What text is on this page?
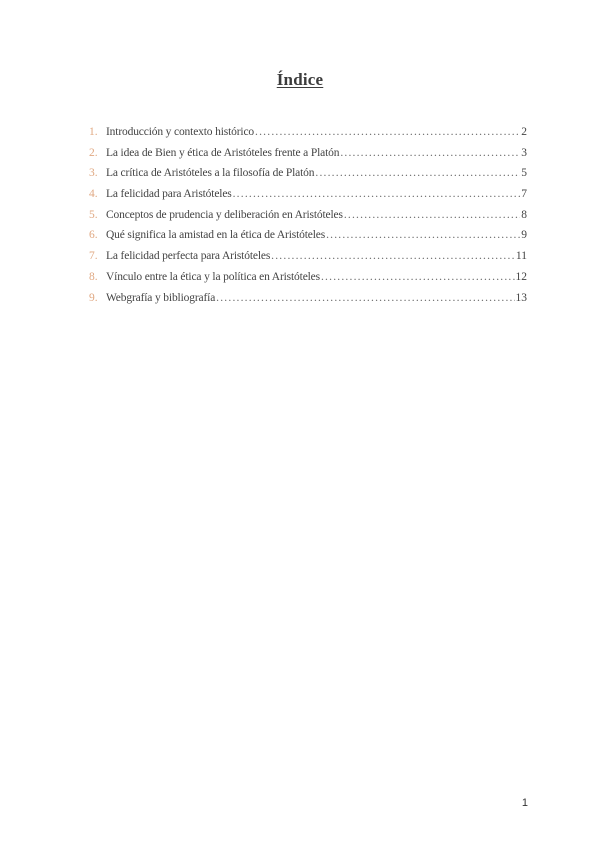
Índice
1. Introducción y contexto histórico .....	2
2. La idea de Bien y ética de Aristóteles frente a Platón .....	3
3. La crítica de Aristóteles a la filosofía de Platón .....	5
4. La felicidad para Aristóteles .....	7
5. Conceptos de prudencia y deliberación en Aristóteles .....	8
6. Qué significa la amistad en la ética de Aristóteles .....	9
7. La felicidad perfecta para Aristóteles .....	11
8. Vínculo entre la ética y la política en Aristóteles .....	12
9. Webgrafía y bibliografía .....	13
1
